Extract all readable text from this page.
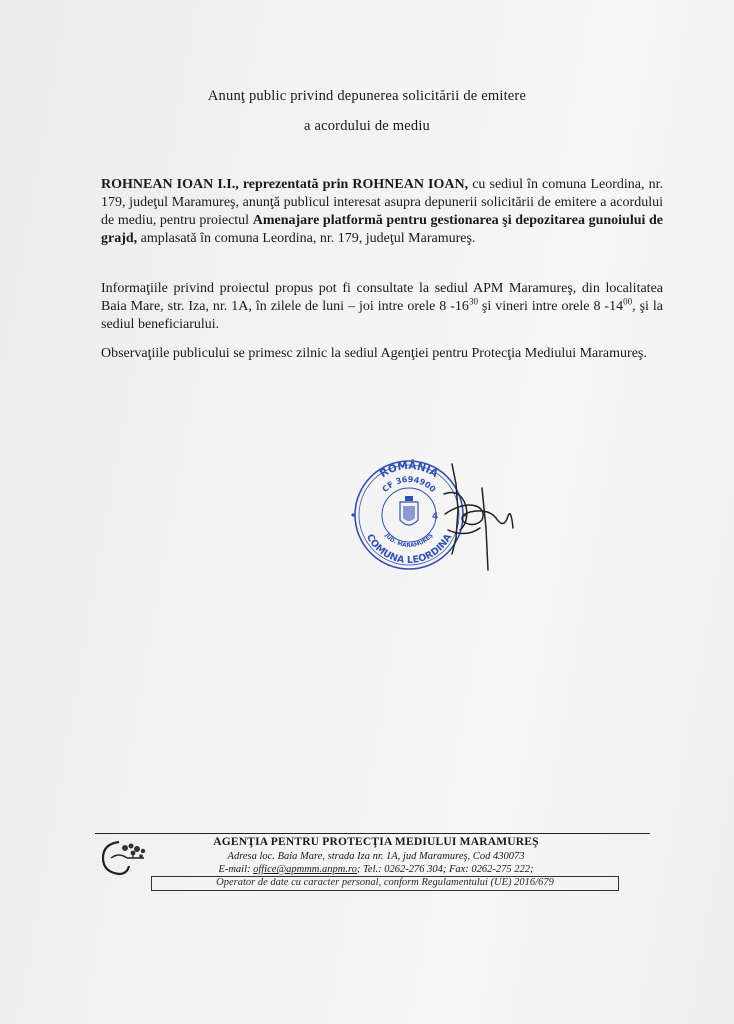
Anunţ public privind depunerea solicitării de emitere
a acordului de mediu
ROHNEAN IOAN I.I., reprezentată prin ROHNEAN IOAN, cu sediul în comuna Leordina, nr. 179, judeţul Maramureş, anunţă publicul interesat asupra depunerii solicitării de emitere a acordului de mediu, pentru proiectul Amenajare platformă pentru gestionarea şi depozitarea gunoiului de grajd, amplasată în comuna Leordina, nr. 179, judeţul Maramureş.
Informaţiile privind proiectul propus pot fi consultate la sediul APM Maramureş, din localitatea Baia Mare, str. Iza, nr. 1A, în zilele de luni – joi intre orele 8 $-16^{30}$ şi vineri intre orele 8 $-14^{00}$, şi la sediul beneficiarului.
Observaţiile publicului se primesc zilnic la sediul Agenţiei pentru Protecţia Mediului Maramureş.
ROMÂNIA
CF 3694900
COMUNA LEORDINA
JUD. MARAMUREŞ
4
AGENŢIA PENTRU PROTECŢIA MEDIULUI MARAMUREŞ
Adresa loc. Baia Mare, strada Iza nr. 1A, jud Maramureş, Cod 430073
E-mail: office@apmmm.anpm.ro; Tel.: 0262-276 304; Fax: 0262-275 222;
Operator de date cu caracter personal, conform Regulamentului (UE) 2016/679
